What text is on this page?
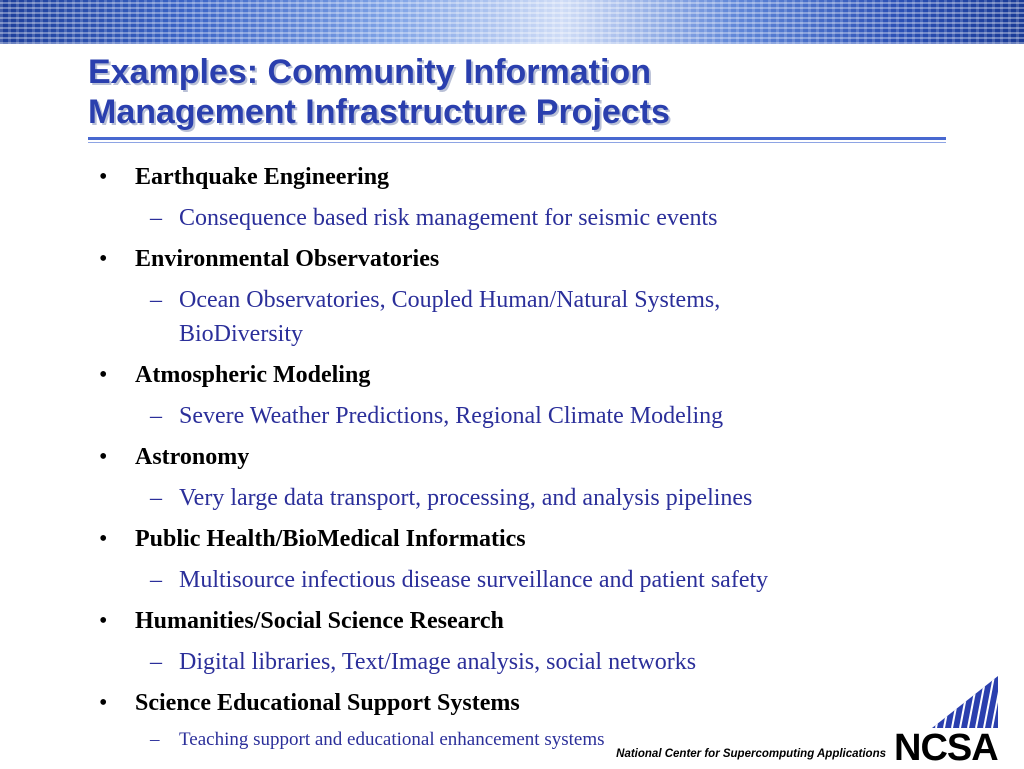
Examples: Community Information
Management Infrastructure Projects
•	Earthquake Engineering
– Consequence based risk management for seismic events
•	Environmental Observatories
– Ocean Observatories, Coupled Human/Natural Systems,
BioDiversity
•	Atmospheric Modeling
– Severe Weather Predictions, Regional Climate Modeling
•	Astronomy
– Very large data transport, processing, and analysis pipelines
•	Public Health/BioMedical Informatics
– Multisource infectious disease surveillance and patient safety
•	Humanities/Social Science Research
– Digital libraries, Text/Image analysis, social networks
•	Science Educational Support Systems
–	Teaching support and educational enhancement systems	NCSA
National Center for Supercomputing Applications
